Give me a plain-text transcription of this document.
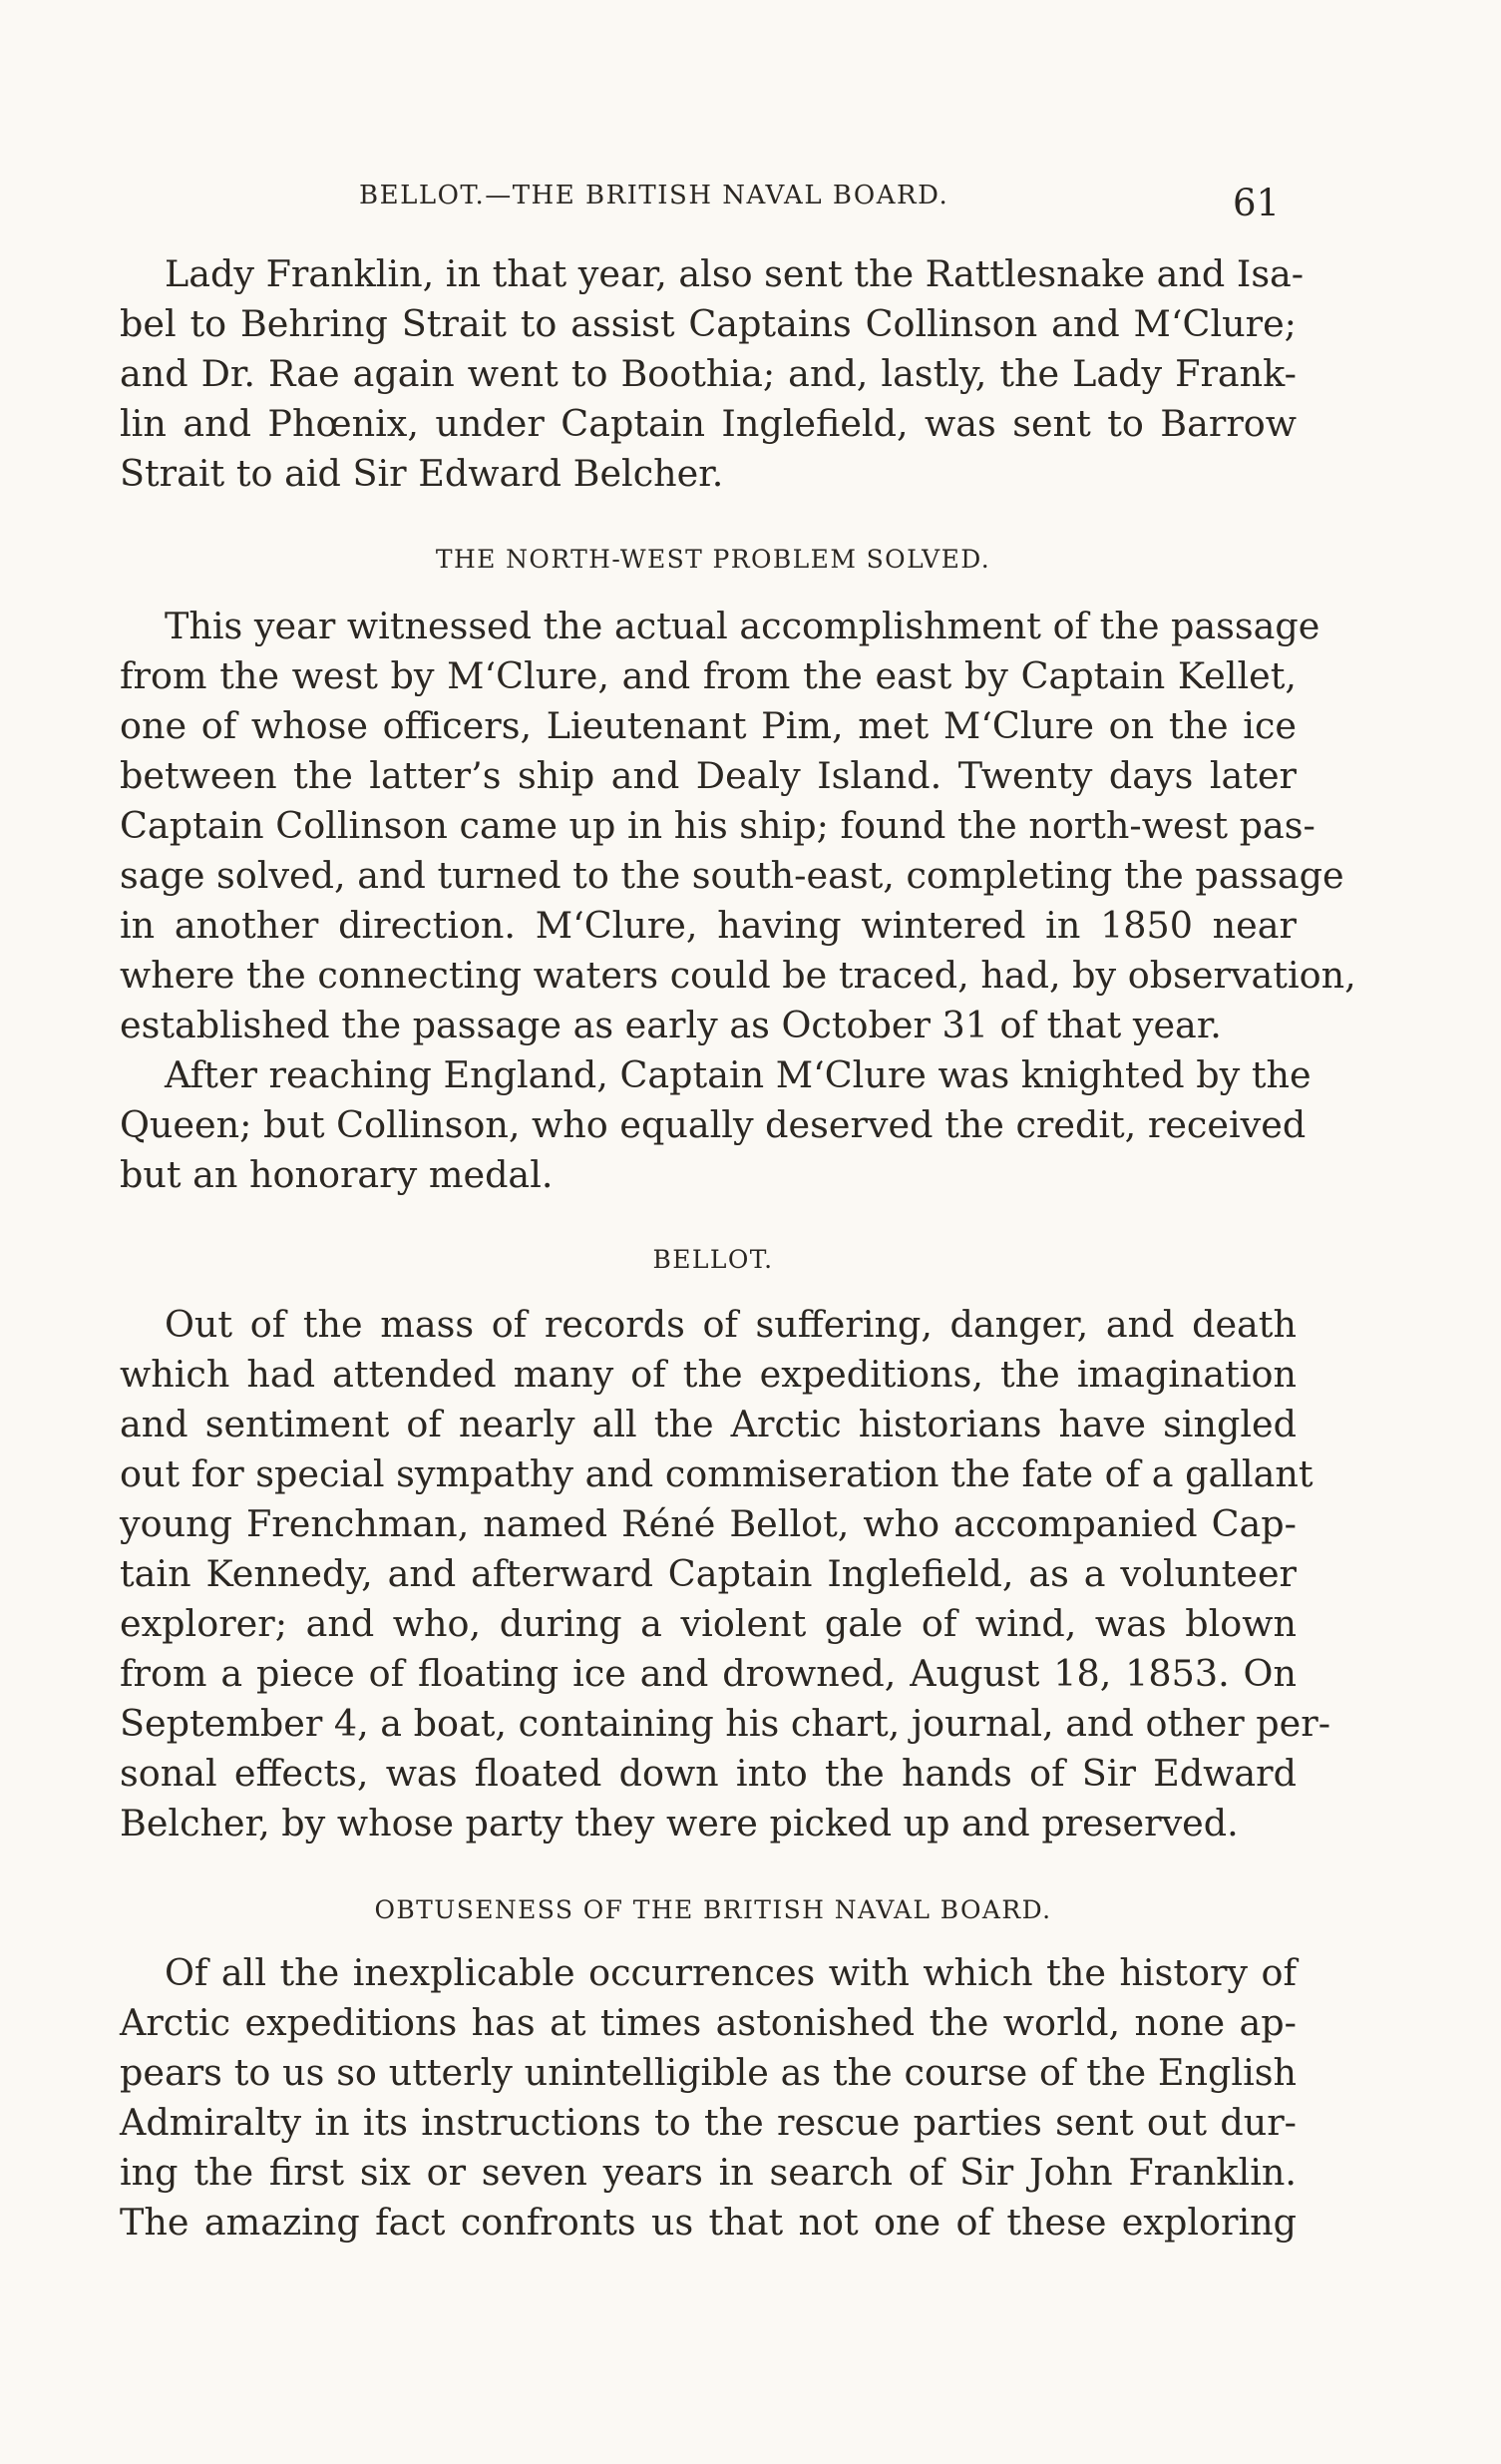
BELLOT.—THE BRITISH NAVAL BOARD.	61
Lady Franklin, in that year, also sent the Rattlesnake and Isa-
bel to Behring Strait to assist Captains Collinson and M‘Clure;
and Dr. Rae again went to Boothia; and, lastly, the Lady Frank-
lin and Phœnix, under Captain Inglefield, was sent to Barrow
Strait to aid Sir Edward Belcher.
THE NORTH-WEST PROBLEM SOLVED.
This year witnessed the actual accomplishment of the passage
from the west by M‘Clure, and from the east by Captain Kellet,
one of whose officers, Lieutenant Pim, met M‘Clure on the ice
between the latter’s ship and Dealy Island. Twenty days later
Captain Collinson came up in his ship; found the north-west pas-
sage solved, and turned to the south-east, completing the passage
in another direction. M‘Clure, having wintered in 1850 near
where the connecting waters could be traced, had, by observation,
established the passage as early as October 31 of that year.
After reaching England, Captain M‘Clure was knighted by the
Queen; but Collinson, who equally deserved the credit, received
but an honorary medal.
BELLOT.
Out of the mass of records of suffering, danger, and death
which had attended many of the expeditions, the imagination
and sentiment of nearly all the Arctic historians have singled
out for special sympathy and commiseration the fate of a gallant
young Frenchman, named Réné Bellot, who accompanied Cap-
tain Kennedy, and afterward Captain Inglefield, as a volunteer
explorer; and who, during a violent gale of wind, was blown
from a piece of floating ice and drowned, August 18, 1853. On
September 4, a boat, containing his chart, journal, and other per-
sonal effects, was floated down into the hands of Sir Edward
Belcher, by whose party they were picked up and preserved.
OBTUSENESS OF THE BRITISH NAVAL BOARD.
Of all the inexplicable occurrences with which the history of
Arctic expeditions has at times astonished the world, none ap-
pears to us so utterly unintelligible as the course of the English
Admiralty in its instructions to the rescue parties sent out dur-
ing the first six or seven years in search of Sir John Franklin.
The amazing fact confronts us that not one of these exploring
